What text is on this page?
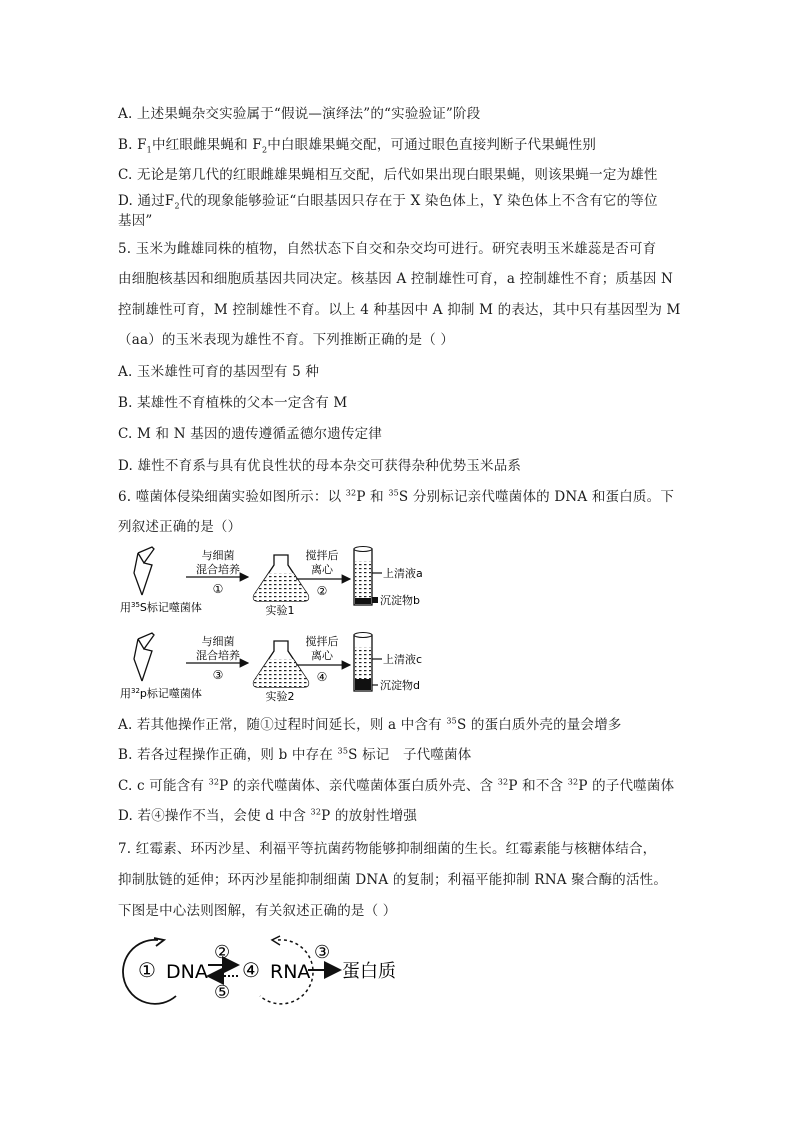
A. 上述果蝇杂交实验属于“假说—演绎法”的“实验验证”阶段
B. $F_1$中红眼雌果蝇和 $F_2$中白眼雄果蝇交配，可通过眼色直接判断子代果蝇性别
C. 无论是第几代的红眼雌雄果蝇相互交配，后代如果出现白眼果蝇，则该果蝇一定为雄性
D. 通过$F_2$代的现象能够验证“白眼基因只存在于 X 染色体上，Y 染色体上不含有它的等位
基因”
5. 玉米为雌雄同株的植物，自然状态下自交和杂交均可进行。研究表明玉米雄蕊是否可育
由细胞核基因和细胞质基因共同决定。核基因 A 控制雄性可育，a 控制雄性不育；质基因 N
控制雄性可育，M 控制雄性不育。以上 4 种基因中 A 抑制 M 的表达，其中只有基因型为 M
（aa）的玉米表现为雄性不育。下列推断正确的是（ ）
A. 玉米雄性可育的基因型有 5 种
B. 某雄性不育植株的父本一定含有 M
C. M 和 N 基因的遗传遵循孟德尔遗传定律
D. 雄性不育系与具有优良性状的母本杂交可获得杂种优势玉米品系
6. 噬菌体侵染细菌实验如图所示：以 $^{32}$P 和 $^{35}$S 分别标记亲代噬菌体的 DNA 和蛋白质。下
列叙述正确的是（）
用$^{35}$S标记噬菌体
与细菌
混合培养
①
实验1
搅拌后
离心
②
上清液a
沉淀物b
用$^{32}$p标记噬菌体
与细菌
混合培养
③
实验2
搅拌后
离心
④
上清液c
沉淀物d
A. 若其他操作正常，随①过程时间延长，则 a 中含有 $^{35}$S 的蛋白质外壳的量会增多
B. 若各过程操作正确，则 b 中存在 $^{35}$S 标记   子代噬菌体
C. c 可能含有 $^{32}$P 的亲代噬菌体、亲代噬菌体蛋白质外壳、含 $^{32}$P 和不含 $^{32}$P 的子代噬菌体
D. 若④操作不当，会使 d 中含 $^{32}$P 的放射性增强
7. 红霉素、环丙沙星、利福平等抗菌药物能够抑制细菌的生长。红霉素能与核糖体结合，
抑制肽链的延伸；环丙沙星能抑制细菌 DNA 的复制；利福平能抑制 RNA 聚合酶的活性。
下图是中心法则图解，有关叙述正确的是（ ）
① DNA
②
⑤
④ RNA
③
蛋白质
